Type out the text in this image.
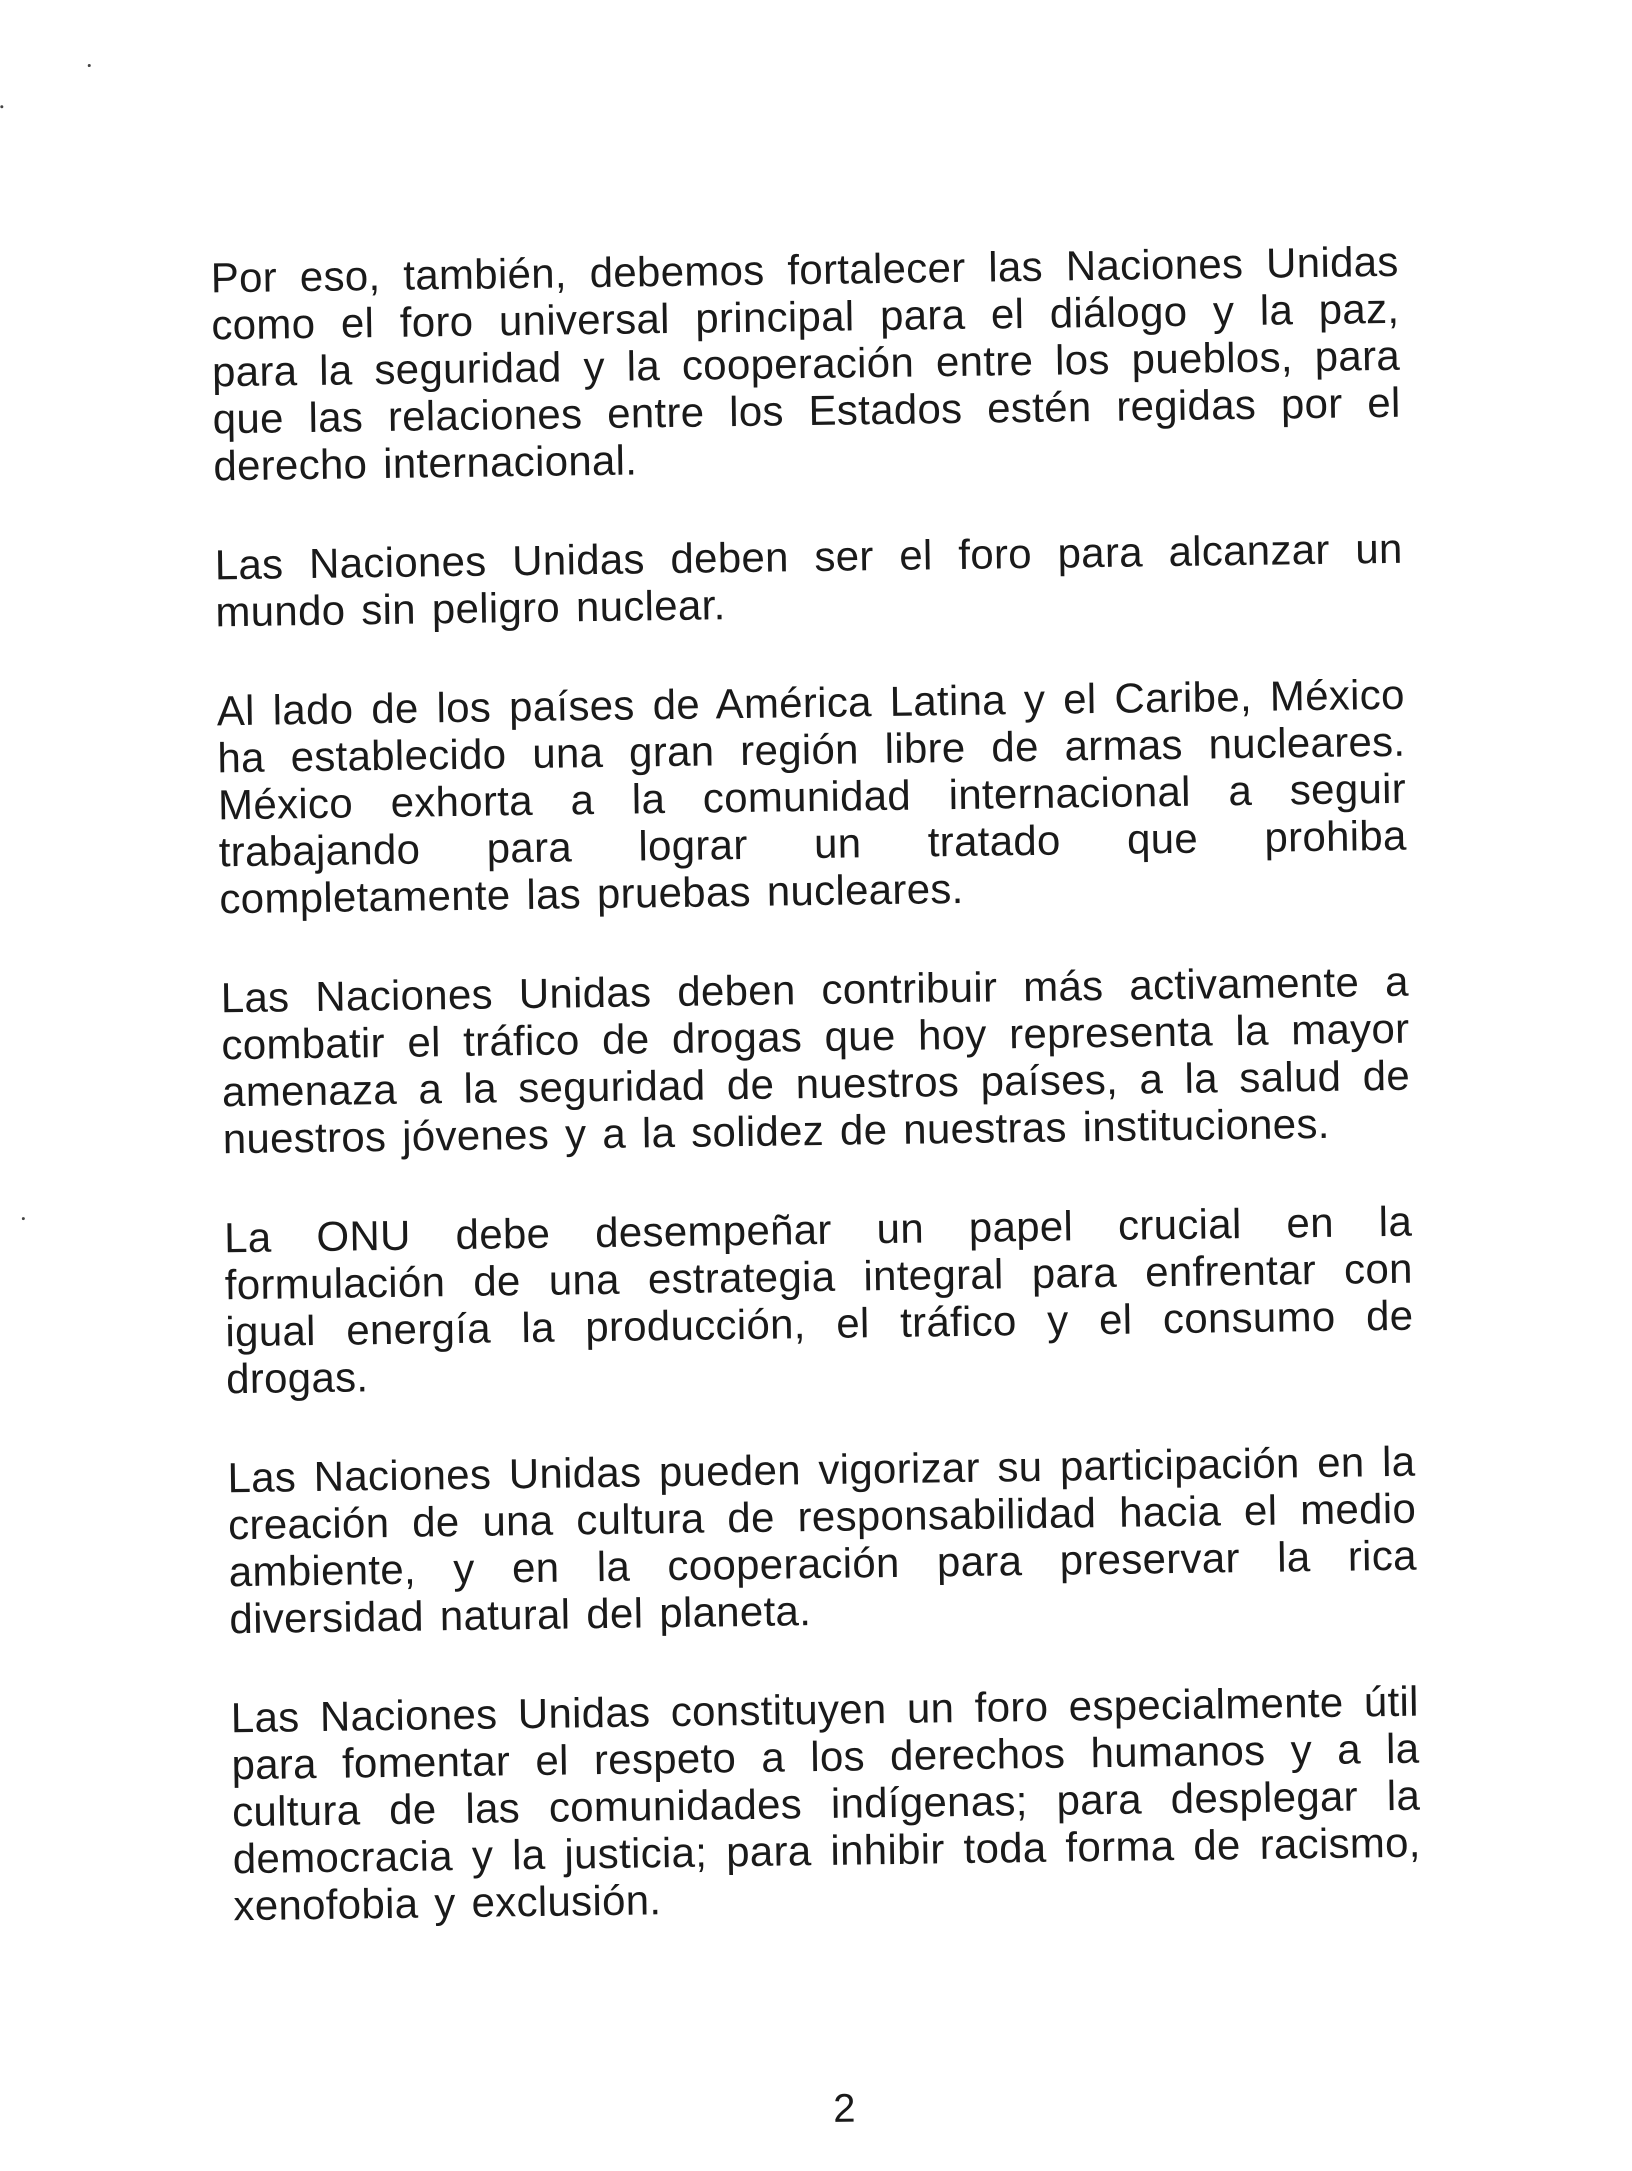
Por eso, también, debemos fortalecer las Naciones Unidas como el foro universal principal para el diálogo y la paz, para la seguridad y la cooperación entre los pueblos, para que las relaciones entre los Estados estén regidas por el derecho internacional.

Las Naciones Unidas deben ser el foro para alcanzar un mundo sin peligro nuclear.

Al lado de los países de América Latina y el Caribe, México ha establecido una gran región libre de armas nucleares. México exhorta a la comunidad internacional a seguir trabajando para lograr un tratado que prohiba completamente las pruebas nucleares.

Las Naciones Unidas deben contribuir más activamente a combatir el tráfico de drogas que hoy representa la mayor amenaza a la seguridad de nuestros países, a la salud de nuestros jóvenes y a la solidez de nuestras instituciones.

La ONU debe desempeñar un papel crucial en la formulación de una estrategia integral para enfrentar con igual energía la producción, el tráfico y el consumo de drogas.

Las Naciones Unidas pueden vigorizar su participación en la creación de una cultura de responsabilidad hacia el medio ambiente, y en la cooperación para preservar la rica diversidad natural del planeta.

Las Naciones Unidas constituyen un foro especialmente útil para fomentar el respeto a los derechos humanos y a la cultura de las comunidades indígenas; para desplegar la democracia y la justicia; para inhibir toda forma de racismo, xenofobia y exclusión.

2
